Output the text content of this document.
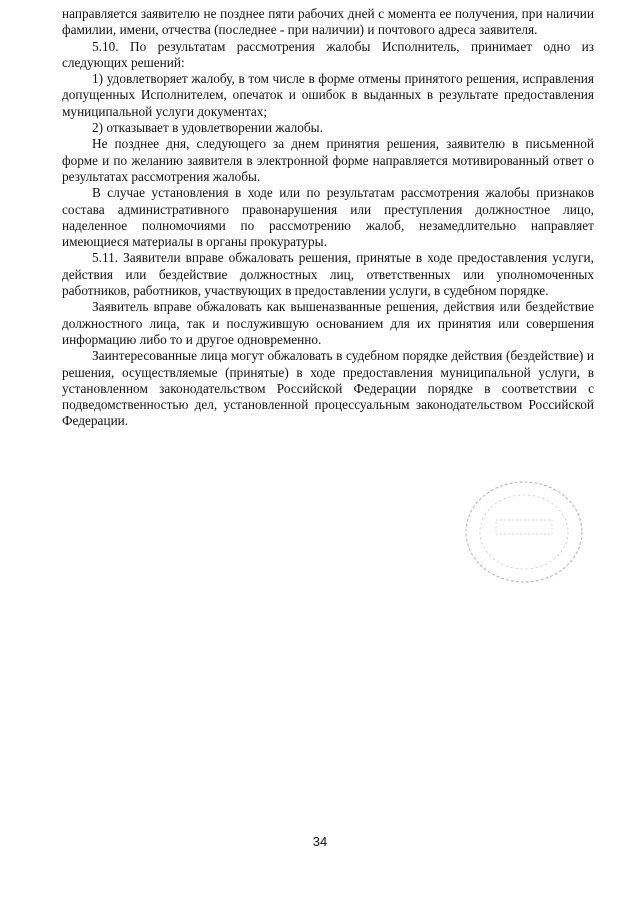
направляется заявителю не позднее пяти рабочих дней с момента ее получения, при наличии фамилии, имени, отчества (последнее - при наличии) и почтового адреса заявителя.

5.10. По результатам рассмотрения жалобы Исполнитель, принимает одно из следующих решений:

1) удовлетворяет жалобу, в том числе в форме отмены принятого решения, исправления допущенных Исполнителем, опечаток и ошибок в выданных в результате предоставления муниципальной услуги документах;

2) отказывает в удовлетворении жалобы.

Не позднее дня, следующего за днем принятия решения, заявителю в письменной форме и по желанию заявителя в электронной форме направляется мотивированный ответ о результатах рассмотрения жалобы.

В случае установления в ходе или по результатам рассмотрения жалобы признаков состава административного правонарушения или преступления должностное лицо, наделенное полномочиями по рассмотрению жалоб, незамедлительно направляет имеющиеся материалы в органы прокуратуры.

5.11. Заявители вправе обжаловать решения, принятые в ходе предоставления услуги, действия или бездействие должностных лиц, ответственных или уполномоченных работников, работников, участвующих в предоставлении услуги, в судебном порядке.

Заявитель вправе обжаловать как вышеназванные решения, действия или бездействие должностного лица, так и послужившую основанием для их принятия или совершения информацию либо то и другое одновременно.

Заинтересованные лица могут обжаловать в судебном порядке действия (бездействие) и решения, осуществляемые (принятые) в ходе предоставления муниципальной услуги, в установленном законодательством Российской Федерации порядке в соответствии с подведомственностью дел, установленной процессуальным законодательством Российской Федерации.

34
